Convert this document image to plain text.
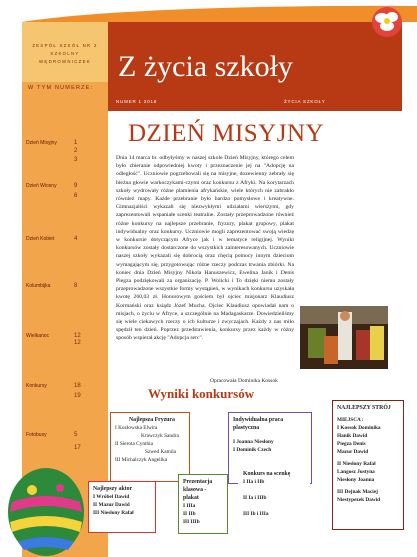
ZESPÓŁ SZKÓŁ NR 2 SZKOLNY WĘDROWNICZEK
W TYM NUMERZE:
Dzień Misyjny	1
2
3
Dzień Wiosny	9
6
Dzień Kobiet	4
Kolumbijka	8
Wielkanoc	12
12
Konkursy	18
19
Fotobusy	5
17
Z życia szkoły
NUMER 1 2018	ŻYCIA SZKOŁY
DZIEŃ MISYJNY
Dnia 14 marca br. odbyłyśmy w naszej szkole Dzień Misyjny, którego celem było zbieranie odpowiedniej kwoty i przeznaczenie jej na "Adopcję na odległość". Uczniowie pogrzebowali się na misyjne, dozewienny zebrały się bieżna głowie warkoczykami-czymi oraz konkursu z Afryki. Na korytarzach szkoły wydrowały różne plamienia afrykańskie, wiele których nie zabrakło również mapy. Każde przebranie było bardzo pomysłowe i kreatywne. Gimnazjaliści wykazali się niezwykłymi udziałami wierszymi, gdy zaprezentowali wspaniałe scenki teatralne. Zostały przeprowadzone również różne konkursy na najlepsze przebranie, fryzury, plakat grupowy, plakat indywidualny oraz konkursy. Uczniowie mogli zaprezentować swoją wiedzę w konkursie dotyczącym Afryce jak i w tematyce religijnej. Wyniki konkursów zostały dostarczone do wszystkich zainteresowanych. Uczniowie naszej szkoły wykazali się dobrocią oraz chęcią pomocy innym dzieciom wymagającym się, przygotowując różne rzeczy podczas trwania zbiórki. Na koniec dnia Dzień Misyjny Nikola Hanuszewicz, Ewelina Janik i Denis Piegza podziękowali za organizację. P. Wolicki i To dzięki niemu zostały przeprowadzone wszystkie formy wystąpień, w wynikach konkursu uzyskała kwotę 260,03 zł. Honorowym gościem był ojciec misjonarz Klaudiusz Kormański oraz ksiądz Józef Mucha. Ojciec Klaudiusz opowiadał nam o misjach, o życiu w Afryce, a szczególnie na Madagaskarze. Dowiedzieliśmy się wiele ciekawych rzeczy o ich kulturze i zwyczajach. Każdy z nas miło spędził ten dzień. Poprzez przedstawienia, konkursy przez każdy w różny sposób wspierał akcję "Adopcja serc".
Opracowała Dominika Kossok
Wyniki konkursów
Najlepsza Fryzura
I Kozłowska Elwira
Krawczyk Sandra
II Sierota Cynthia
Szwed Kamila
III Michalczyk Angelika
Indywidualna praca plastyczna
I Joanna Niesłony
I Dominik Czech
NAJLEPSZY STRÓJ
MIEJSCA :
I Kossok Dominika
Hanik Dawid
Piegza Denis
Mazur Dawid
II Niesłony Rafał
Langosz Justyna
Niesłony Joanna
III Dejnak Maciej
Niestypezek Dawid
Najlepszy aktor
I Wróbel Dawid
II Mazur Dawid
III Niesłony Rafał
Prezentacja klasowa - plakat
I IIIa
II IIb
III IIIb
Konkurs na scenkę
I IIa i IIb
II Ia i IIIb
III Ib i IIIa
